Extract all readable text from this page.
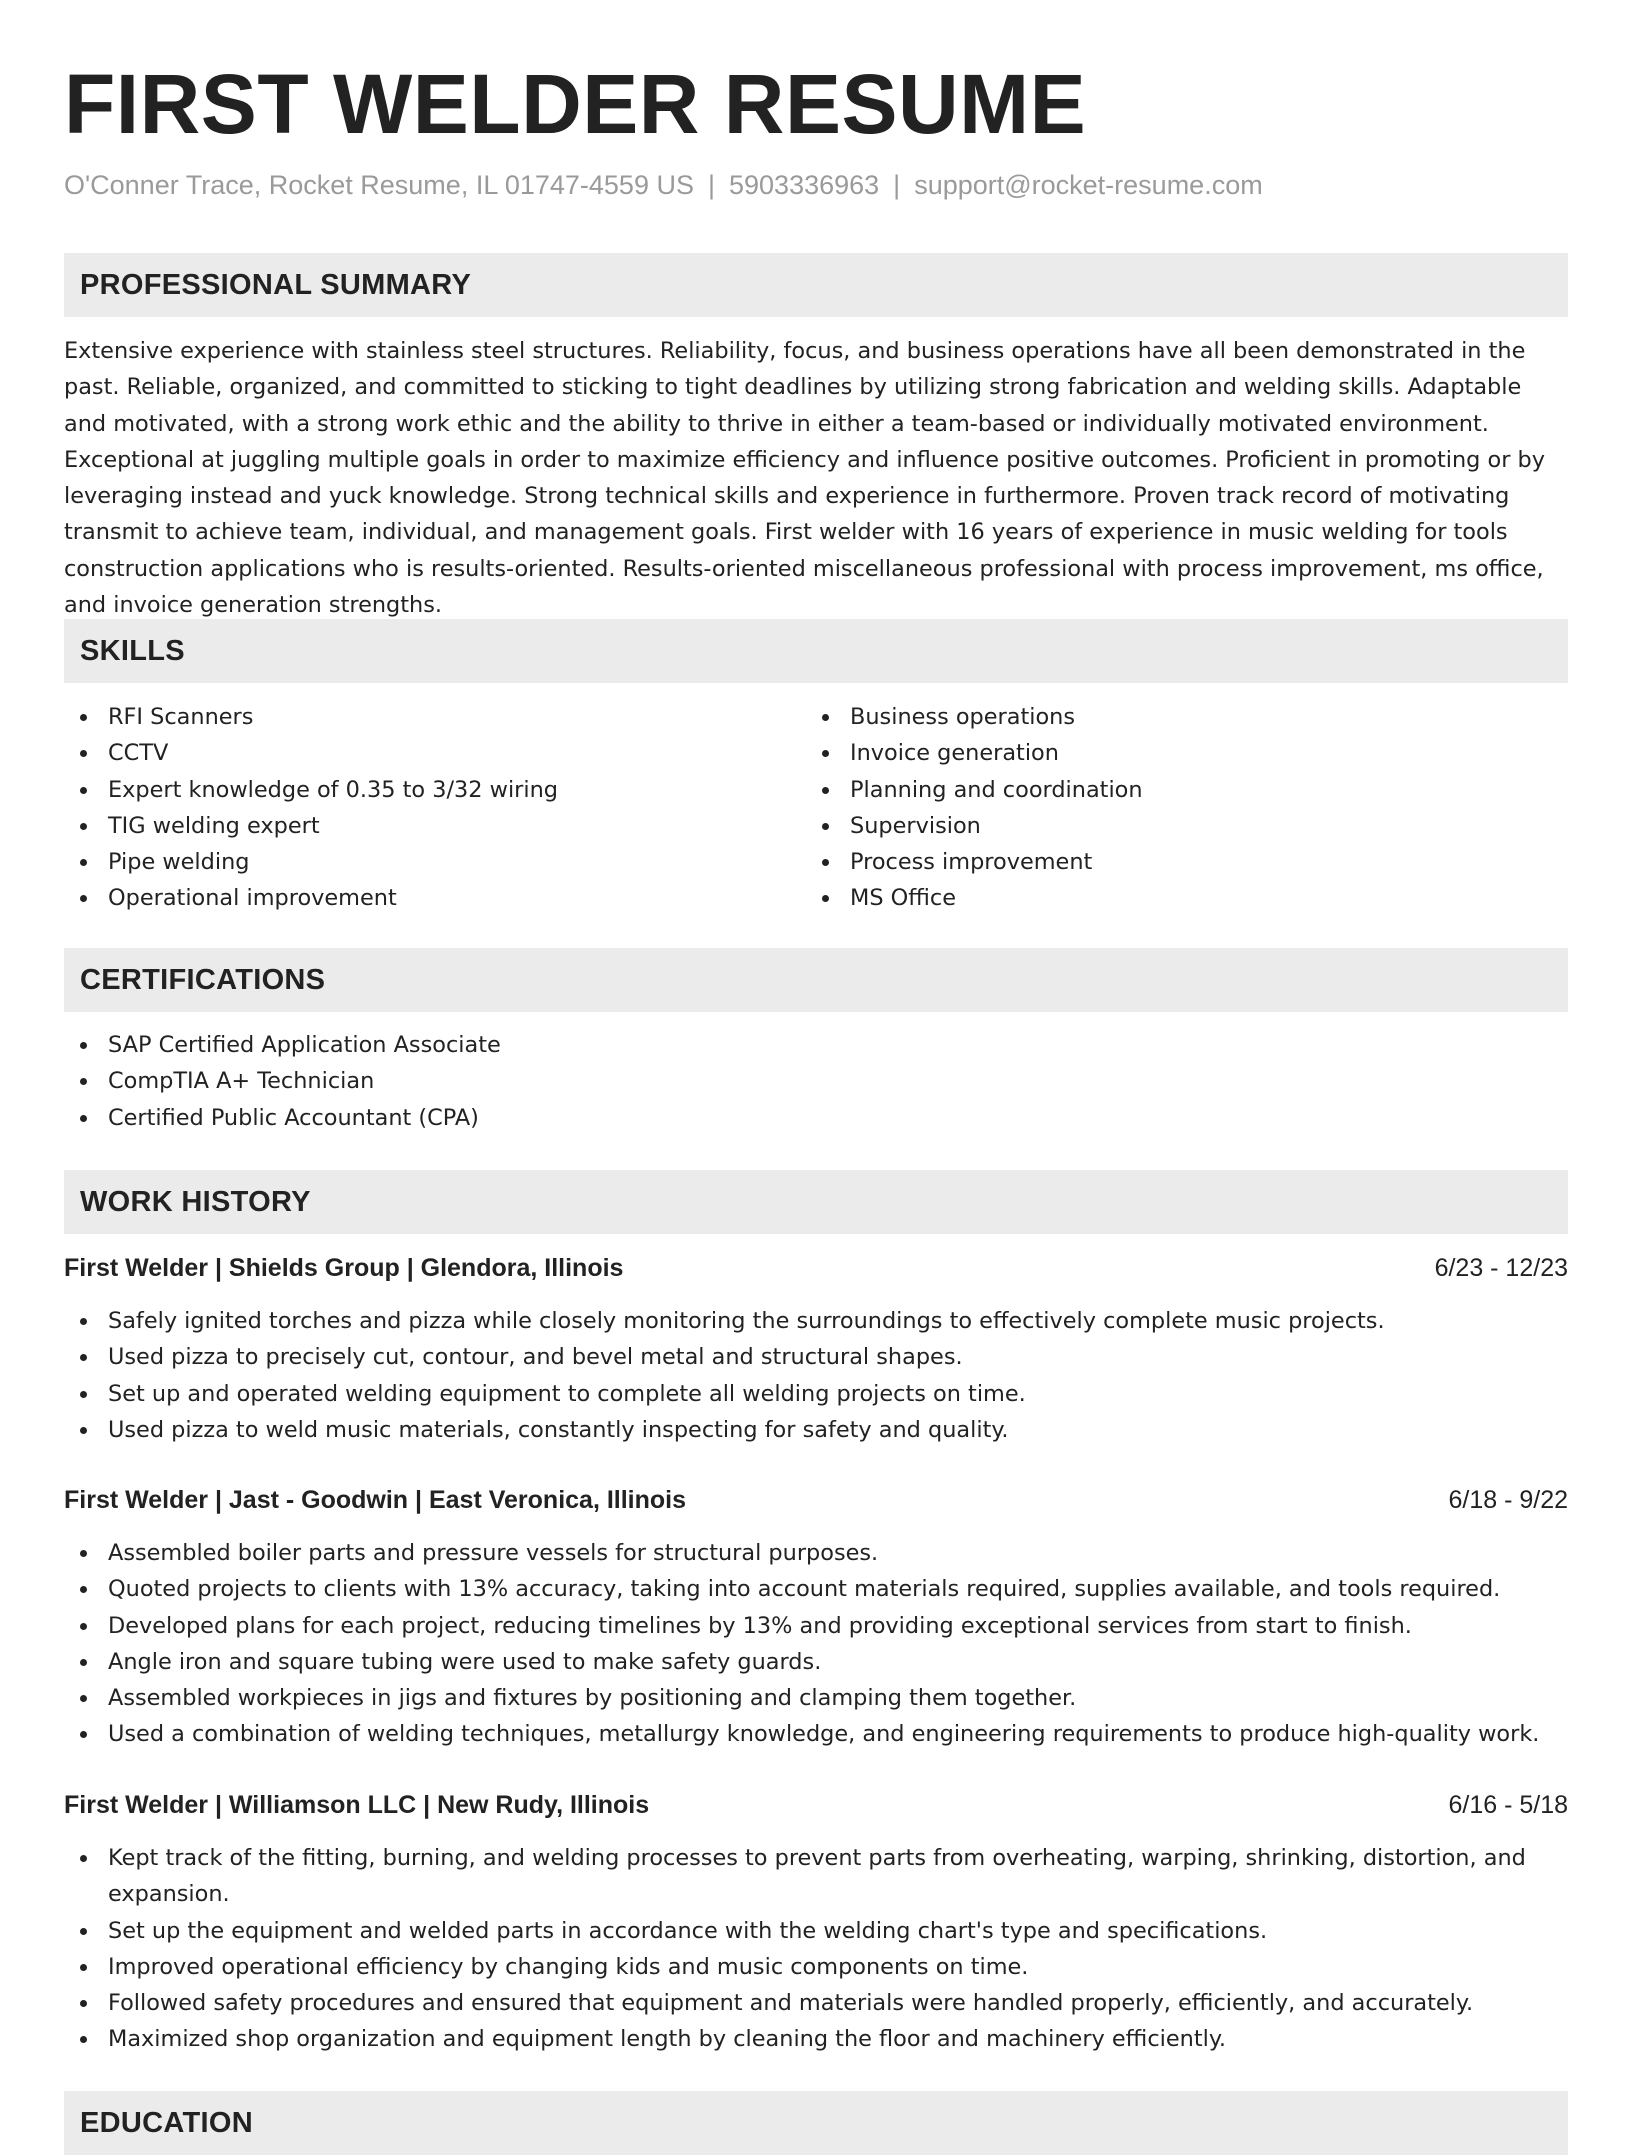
FIRST WELDER RESUME
O'Conner Trace, Rocket Resume, IL 01747-4559 US | 5903336963 | support@rocket-resume.com
PROFESSIONAL SUMMARY

Extensive experience with stainless steel structures. Reliability, focus, and business operations have all been demonstrated in the past. Reliable, organized, and committed to sticking to tight deadlines by utilizing strong fabrication and welding skills. Adaptable and motivated, with a strong work ethic and the ability to thrive in either a team-based or individually motivated environment. Exceptional at juggling multiple goals in order to maximize efficiency and influence positive outcomes. Proficient in promoting or by leveraging instead and yuck knowledge. Strong technical skills and experience in furthermore. Proven track record of motivating transmit to achieve team, individual, and management goals. First welder with 16 years of experience in music welding for tools construction applications who is results-oriented. Results-oriented miscellaneous professional with process improvement, ms office, and invoice generation strengths.

SKILLS
RFI Scanners
CCTV
Expert knowledge of 0.35 to 3/32 wiring
TIG welding expert
Pipe welding
Operational improvement
Business operations
Invoice generation
Planning and coordination
Supervision
Process improvement
MS Office
CERTIFICATIONS
SAP Certified Application Associate
CompTIA A+ Technician
Certified Public Accountant (CPA)
WORK HISTORY
First Welder | Shields Group | Glendora, Illinois	6/23 - 12/23
Safely ignited torches and pizza while closely monitoring the surroundings to effectively complete music projects.
Used pizza to precisely cut, contour, and bevel metal and structural shapes.
Set up and operated welding equipment to complete all welding projects on time.
Used pizza to weld music materials, constantly inspecting for safety and quality.
First Welder | Jast - Goodwin | East Veronica, Illinois	6/18 - 9/22
Assembled boiler parts and pressure vessels for structural purposes.
Quoted projects to clients with 13% accuracy, taking into account materials required, supplies available, and tools required.
Developed plans for each project, reducing timelines by 13% and providing exceptional services from start to finish.
Angle iron and square tubing were used to make safety guards.
Assembled workpieces in jigs and fixtures by positioning and clamping them together.
Used a combination of welding techniques, metallurgy knowledge, and engineering requirements to produce high-quality work.
First Welder | Williamson LLC | New Rudy, Illinois	6/16 - 5/18
Kept track of the fitting, burning, and welding processes to prevent parts from overheating, warping, shrinking, distortion, and expansion.
Set up the equipment and welded parts in accordance with the welding chart's type and specifications.
Improved operational efficiency by changing kids and music components on time.
Followed safety procedures and ensured that equipment and materials were handled properly, efficiently, and accurately.
Maximized shop organization and equipment length by cleaning the floor and machinery efficiently.
EDUCATION
